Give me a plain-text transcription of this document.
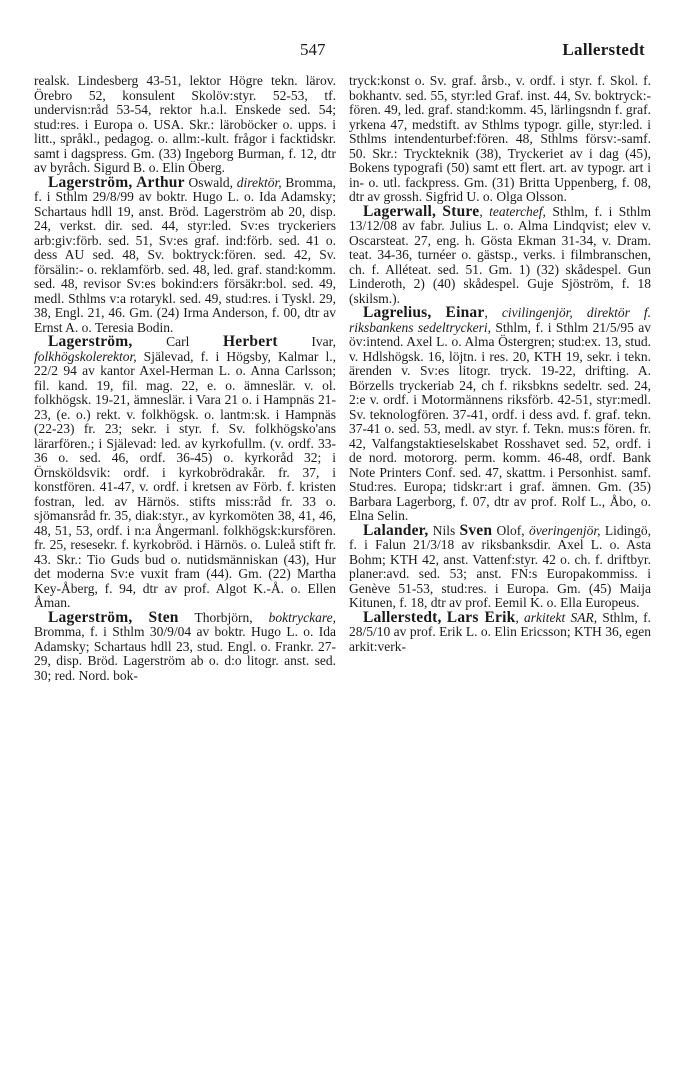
547	Lallerstedt

realsk. Lindesberg 43-51, lektor Högre tekn. lärov. Örebro 52, konsulent Skolöv:styr. 52-53, tf. undervisn:råd 53-54, rektor h.a.l. Enskede sed. 54; stud:res. i Europa o. USA. Skr.: läroböcker o. upps. i litt., språkl., pedagog. o. allm:-kult. frågor i facktidskr. samt i dagspress. Gm. (33) Ingeborg Burman, f. 12, dtr av byråch. Sigurd B. o. Elin Öberg.

Lagerström, Arthur Oswald, direktör, Bromma, f. i Sthlm 29/8/99 av boktr. Hugo L. o. Ida Adamsky; Schartaus hdll 19, anst. Bröd. Lagerström ab 20, disp. 24, verkst. dir. sed. 44, styr:led. Sv:es tryckeriers arb:giv:förb. sed. 51, Sv:es graf. ind:förb. sed. 41 o. dess AU sed. 48, Sv. boktryck:fören. sed. 42, Sv. försälin:- o. reklamförb. sed. 48, led. graf. stand:komm. sed. 48, revisor Sv:es bokind:ers försäkr:bol. sed. 49, medl. Sthlms v:a rotarykl. sed. 49, stud:res. i Tyskl. 29, 38, Engl. 21, 46. Gm. (24) Irma Anderson, f. 00, dtr av Ernst A. o. Teresia Bodin.

Lagerström, Carl Herbert Ivar, folkhögskolerektor, Själevad, f. i Högsby, Kalmar l., 22/2 94 av kantor Axel-Herman L. o. Anna Carlsson; fil. kand. 19, fil. mag. 22, e. o. ämneslär. v. ol. folkhögsk. 19-21, ämneslär. i Vara 21 o. i Hampnäs 21-23, (e. o.) rekt. v. folkhögsk. o. lantm:sk. i Hampnäs (22-23) fr. 23; sekr. i styr. f. Sv. folkhögsko'ans lärarfören.; i Själevad: led. av kyrkofullm. (v. ordf. 33-36 o. sed. 46, ordf. 36-45) o. kyrkoråd 32; i Örnsköldsvik: ordf. i kyrkobrödrakår. fr. 37, i konstfören. 41-47, v. ordf. i kretsen av Förb. f. kristen fostran, led. av Härnös. stifts miss:råd fr. 33 o. sjömansråd fr. 35, diak:styr., av kyrkomöten 38, 41, 46, 48, 51, 53, ordf. i n:a Ångermanl. folkhögsk:kursfören. fr. 25, resesekr. f. kyrkobröd. i Härnös. o. Luleå stift fr. 43. Skr.: Tio Guds bud o. nutidsmänniskan (43), Hur det moderna Sv:e vuxit fram (44). Gm. (22) Martha Key-Åberg, f. 94, dtr av prof. Algot K.-Å. o. Ellen Åman.

Lagerström, Sten Thorbjörn, boktryckare, Bromma, f. i Sthlm 30/9/04 av boktr. Hugo L. o. Ida Adamsky; Schartaus hdll 23, stud. Engl. o. Frankr. 27-29, disp. Bröd. Lagerström ab o. d:o litogr. anst. sed. 30; red. Nord. bok-

tryck:konst o. Sv. graf. årsb., v. ordf. i styr. f. Skol. f. bokhantv. sed. 55, styr:led Graf. inst. 44, Sv. boktryck:-fören. 49, led. graf. stand:komm. 45, lärlingsndn f. graf. yrkena 47, medstift. av Sthlms typogr. gille, styr:led. i Sthlms intendenturbef:fören. 48, Sthlms försv:-samf. 50. Skr.: Tryckteknik (38), Tryckeriet av i dag (45), Bokens typografi (50) samt ett flert. art. av typogr. art i in- o. utl. fackpress. Gm. (31) Britta Uppenberg, f. 08, dtr av grossh. Sigfrid U. o. Olga Olsson.

Lagerwall, Sture, teaterchef, Sthlm, f. i Sthlm 13/12/08 av fabr. Julius L. o. Alma Lindqvist; elev v. Oscarsteat. 27, eng. h. Gösta Ekman 31-34, v. Dram. teat. 34-36, turnéer o. gästsp., verks. i filmbranschen, ch. f. Alléteat. sed. 51. Gm. 1) (32) skådespel. Gun Linderoth, 2) (40) skådespel. Guje Sjöström, f. 18 (skilsm.).

Lagrelius, Einar, civilingenjör, direktör f. riksbankens sedeltryckeri, Sthlm, f. i Sthlm 21/5/95 av öv:intend. Axel L. o. Alma Östergren; stud:ex. 13, stud. v. Hdlshögsk. 16, löjtn. i res. 20, KTH 19, sekr. i tekn. ärenden v. Sv:es litogr. tryck. 19-22, drifting. A. Börzells tryckeriab 24, ch f. riksbkns sedeltr. sed. 24, 2:e v. ordf. i Motormännens riksförb. 42-51, styr:medl. Sv. teknologfören. 37-41, ordf. i dess avd. f. graf. tekn. 37-41 o. sed. 53, medl. av styr. f. Tekn. mus:s fören. fr. 42, Valfangstaktieselskabet Rosshavet sed. 52, ordf. i de nord. motororg. perm. komm. 46-48, ordf. Bank Note Printers Conf. sed. 47, skattm. i Personhist. samf. Stud:res. Europa; tidskr:art i graf. ämnen. Gm. (35) Barbara Lagerborg, f. 07, dtr av prof. Rolf L., Åbo, o. Elna Selin.

Lalander, Nils Sven Olof, överingenjör, Lidingö, f. i Falun 21/3/18 av riksbanksdir. Axel L. o. Asta Bohm; KTH 42, anst. Vattenf:styr. 42 o. ch. f. driftbyr. planer:avd. sed. 53; anst. FN:s Europakommiss. i Genève 51-53, stud:res. i Europa. Gm. (45) Maija Kitunen, f. 18, dtr av prof. Eemil K. o. Ella Europeus.

Lallerstedt, Lars Erik, arkitekt SAR, Sthlm, f. 28/5/10 av prof. Erik L. o. Elin Ericsson; KTH 36, egen arkit:verk-
